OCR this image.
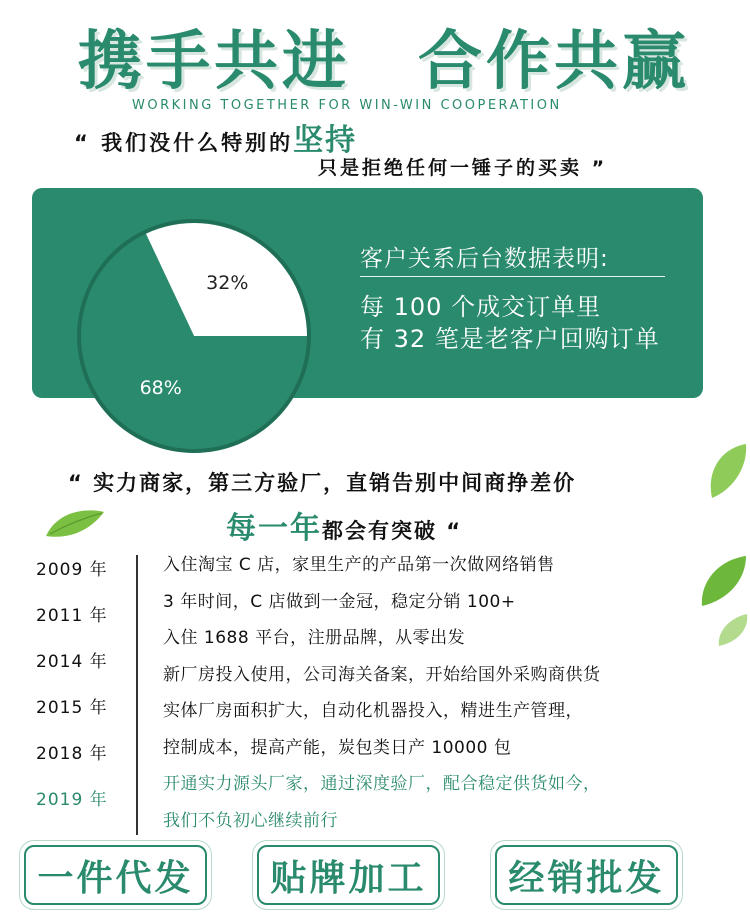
携手共进 合作共赢
WORKING TOGETHER FOR WIN-WIN COOPERATION
“ 我们没什么特别的坚持
只是拒绝任何一锤子的买卖 ”
32%
68%
客户关系后台数据表明:
每 100 个成交订单里
有 32 笔是老客户回购订单
“ 实力商家，第三方验厂，直销告别中间商挣差价
每一年都会有突破 “
2009 年
2011 年
2014 年
2015 年
2018 年
2019 年
入住淘宝 C 店，家里生产的产品第一次做网络销售
3 年时间，C 店做到一金冠，稳定分销 100+
入住 1688 平台，注册品牌，从零出发
新厂房投入使用，公司海关备案，开始给国外采购商供货
实体厂房面积扩大，自动化机器投入，精进生产管理，
控制成本，提高产能，炭包类日产 10000 包
开通实力源头厂家，通过深度验厂，配合稳定供货如今，
我们不负初心继续前行
一件代发	贴牌加工	经销批发
